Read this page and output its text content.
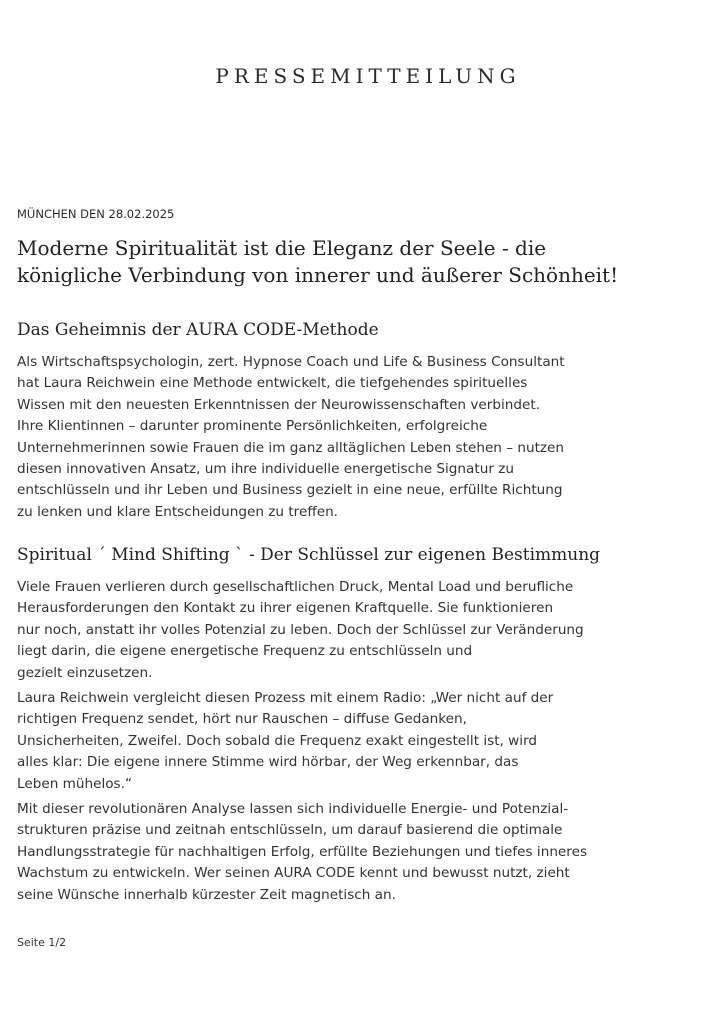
PRESSEMITTEILUNG
MÜNCHEN DEN 28.02.2025
Moderne Spiritualität ist die Eleganz der Seele - die
königliche Verbindung von innerer und äußerer Schönheit!
Das Geheimnis der AURA CODE-Methode
Als Wirtschaftspsychologin, zert. Hypnose Coach und Life & Business Consultant
hat Laura Reichwein eine Methode entwickelt, die tiefgehendes spirituelles
Wissen mit den neuesten Erkenntnissen der Neurowissenschaften verbindet.
Ihre Klientinnen – darunter prominente Persönlichkeiten, erfolgreiche
Unternehmerinnen sowie Frauen die im ganz alltäglichen Leben stehen – nutzen
diesen innovativen Ansatz, um ihre individuelle energetische Signatur zu
entschlüsseln und ihr Leben und Business gezielt in eine neue, erfüllte Richtung
zu lenken und klare Entscheidungen zu treffen.
Spiritual ´ Mind Shifting ` - Der Schlüssel zur eigenen Bestimmung
Viele Frauen verlieren durch gesellschaftlichen Druck, Mental Load und berufliche
Herausforderungen den Kontakt zu ihrer eigenen Kraftquelle. Sie funktionieren
nur noch, anstatt ihr volles Potenzial zu leben. Doch der Schlüssel zur Veränderung
liegt darin, die eigene energetische Frequenz zu entschlüsseln und
gezielt einzusetzen.
Laura Reichwein vergleicht diesen Prozess mit einem Radio: „Wer nicht auf der
richtigen Frequenz sendet, hört nur Rauschen – diffuse Gedanken,
Unsicherheiten, Zweifel. Doch sobald die Frequenz exakt eingestellt ist, wird
alles klar: Die eigene innere Stimme wird hörbar, der Weg erkennbar, das
Leben mühelos.“
Mit dieser revolutionären Analyse lassen sich individuelle Energie- und Potenzial-
strukturen präzise und zeitnah entschlüsseln, um darauf basierend die optimale
Handlungsstrategie für nachhaltigen Erfolg, erfüllte Beziehungen und tiefes inneres
Wachstum zu entwickeln. Wer seinen AURA CODE kennt und bewusst nutzt, zieht
seine Wünsche innerhalb kürzester Zeit magnetisch an.
Seite 1/2
